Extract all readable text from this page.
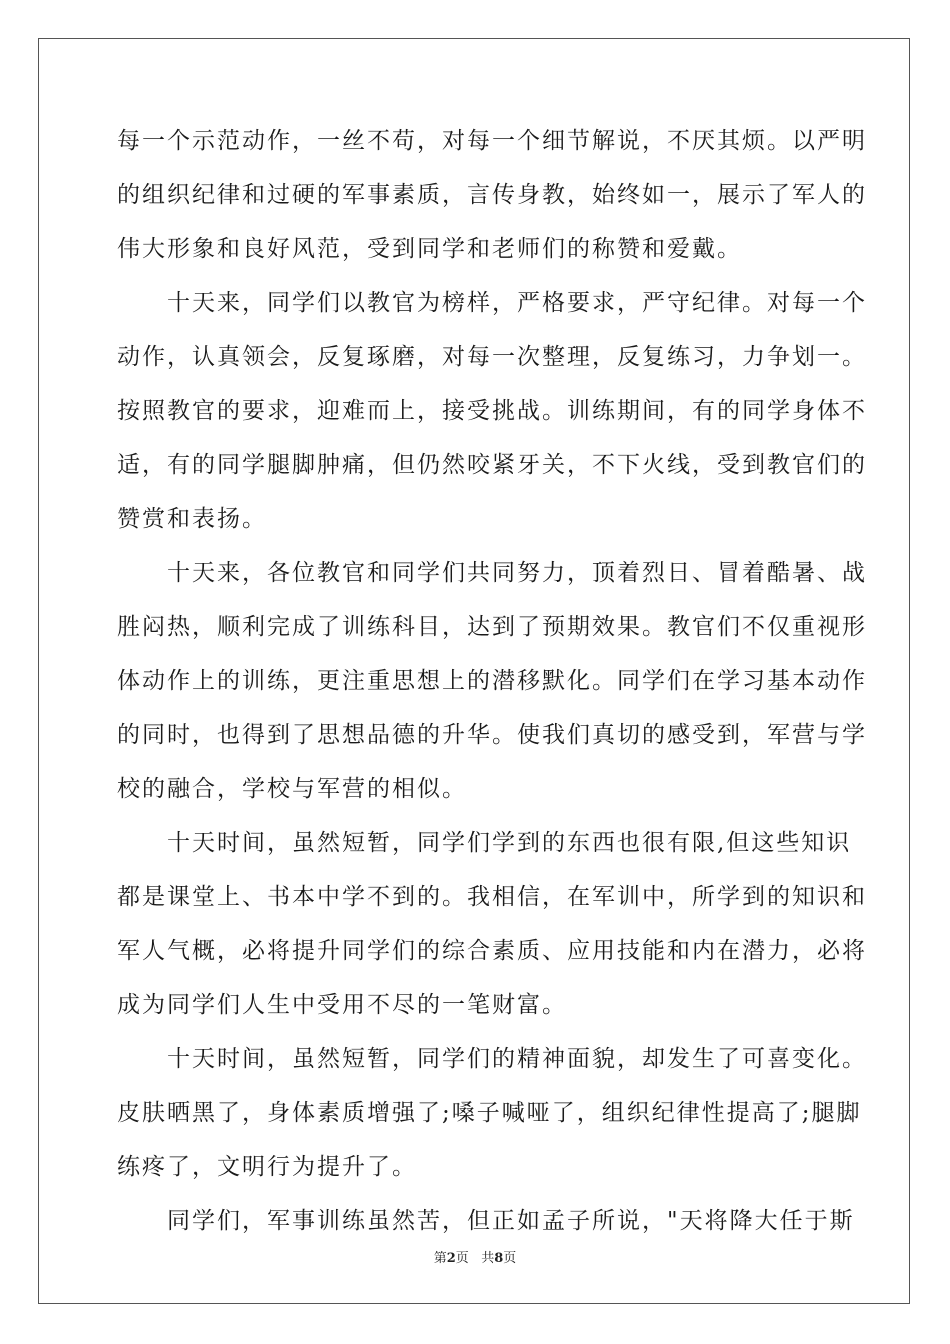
每一个示范动作，一丝不苟，对每一个细节解说，不厌其烦。以严明
的组织纪律和过硬的军事素质，言传身教，始终如一，展示了军人的
伟大形象和良好风范，受到同学和老师们的称赞和爱戴。
　　十天来，同学们以教官为榜样，严格要求，严守纪律。对每一个
动作，认真领会，反复琢磨，对每一次整理，反复练习，力争划一。
按照教官的要求，迎难而上，接受挑战。训练期间，有的同学身体不
适，有的同学腿脚肿痛，但仍然咬紧牙关，不下火线，受到教官们的
赞赏和表扬。
　　十天来，各位教官和同学们共同努力，顶着烈日、冒着酷暑、战
胜闷热，顺利完成了训练科目，达到了预期效果。教官们不仅重视形
体动作上的训练，更注重思想上的潜移默化。同学们在学习基本动作
的同时，也得到了思想品德的升华。使我们真切的感受到，军营与学
校的融合，学校与军营的相似。
　　十天时间，虽然短暂，同学们学到的东西也很有限,但这些知识
都是课堂上、书本中学不到的。我相信，在军训中，所学到的知识和
军人气概，必将提升同学们的综合素质、应用技能和内在潜力，必将
成为同学们人生中受用不尽的一笔财富。
　　十天时间，虽然短暂，同学们的精神面貌，却发生了可喜变化。
皮肤晒黑了，身体素质增强了;嗓子喊哑了，组织纪律性提高了;腿脚
练疼了，文明行为提升了。
　　同学们，军事训练虽然苦，但正如孟子所说，"天将降大任于斯
第2页 共8页
